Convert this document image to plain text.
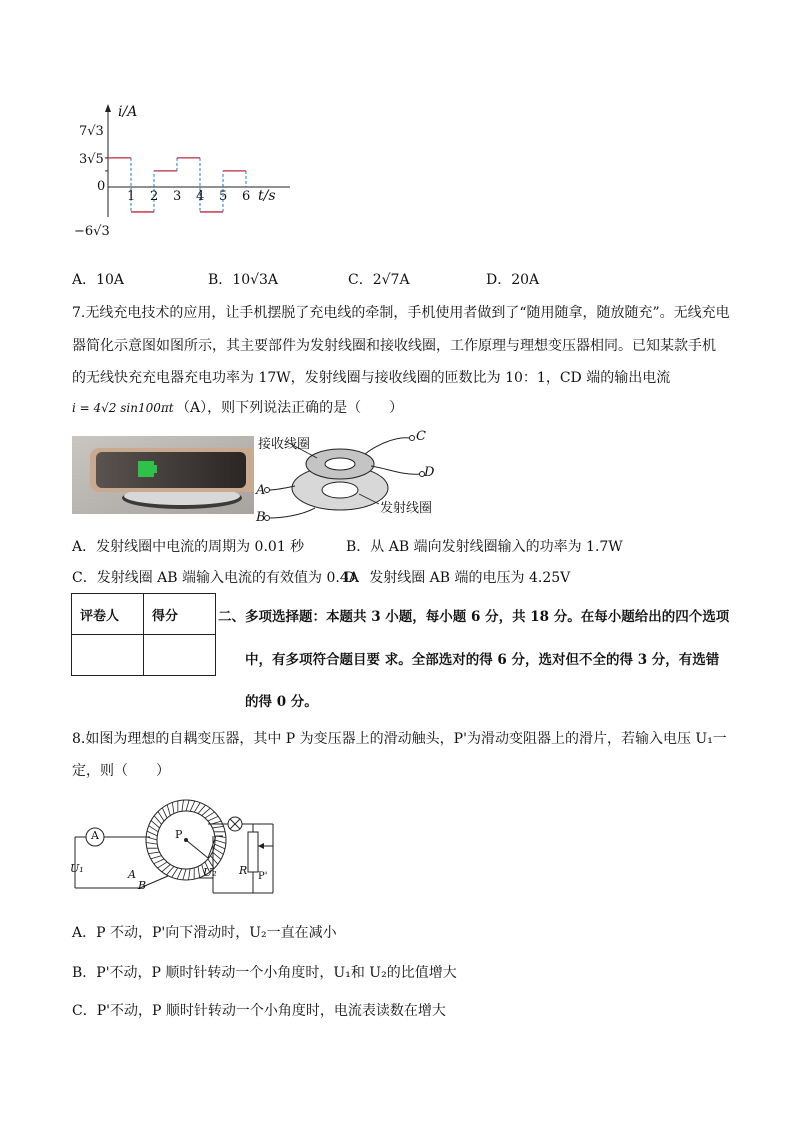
i/A
t/s
7√3
3√5
0
−6√3
1 2 3 4 5 6
A．10A	B．10√3A	C．2√7A	D．20A
7.无线充电技术的应用，让手机摆脱了充电线的牵制，手机使用者做到了“随用随拿，随放随充”。无线充电
器简化示意图如图所示，其主要部件为发射线圈和接收线圈，工作原理与理想变压器相同。已知某款手机
的无线快充充电器充电功率为 17W，发射线圈与接收线圈的匝数比为 10：1，CD 端的输出电流
i = 4√2 sin100πt （A），则下列说法正确的是（　　）
接收线圈
发射线圈
C
D
A
B
A．发射线圈中电流的周期为 0.01 秒	B．从 AB 端向发射线圈输入的功率为 1.7W
C．发射线圈 AB 端输入电流的有效值为 0.4A
D．发射线圈 AB 端的电压为 4.25V
评卷人	得分
		二、多项选择题：本题共 3 小题，每小题 6 分，共 18 分。在每小题给出的四个选项
中，有多项符合题目要 求。全部选对的得 6 分，选对但不全的得 3 分，有选错
的得 0 分。
8.如图为理想的自耦变压器，其中 P 为变压器上的滑动触头，P'为滑动变阻器上的滑片，若输入电压 U₁一
定，则（　　）
A
U₁	U₂
A
B
P
R P'
A．P 不动，P'向下滑动时，U₂一直在减小
B．P'不动，P 顺时针转动一个小角度时，U₁和 U₂的比值增大
C．P'不动，P 顺时针转动一个小角度时，电流表读数在增大
